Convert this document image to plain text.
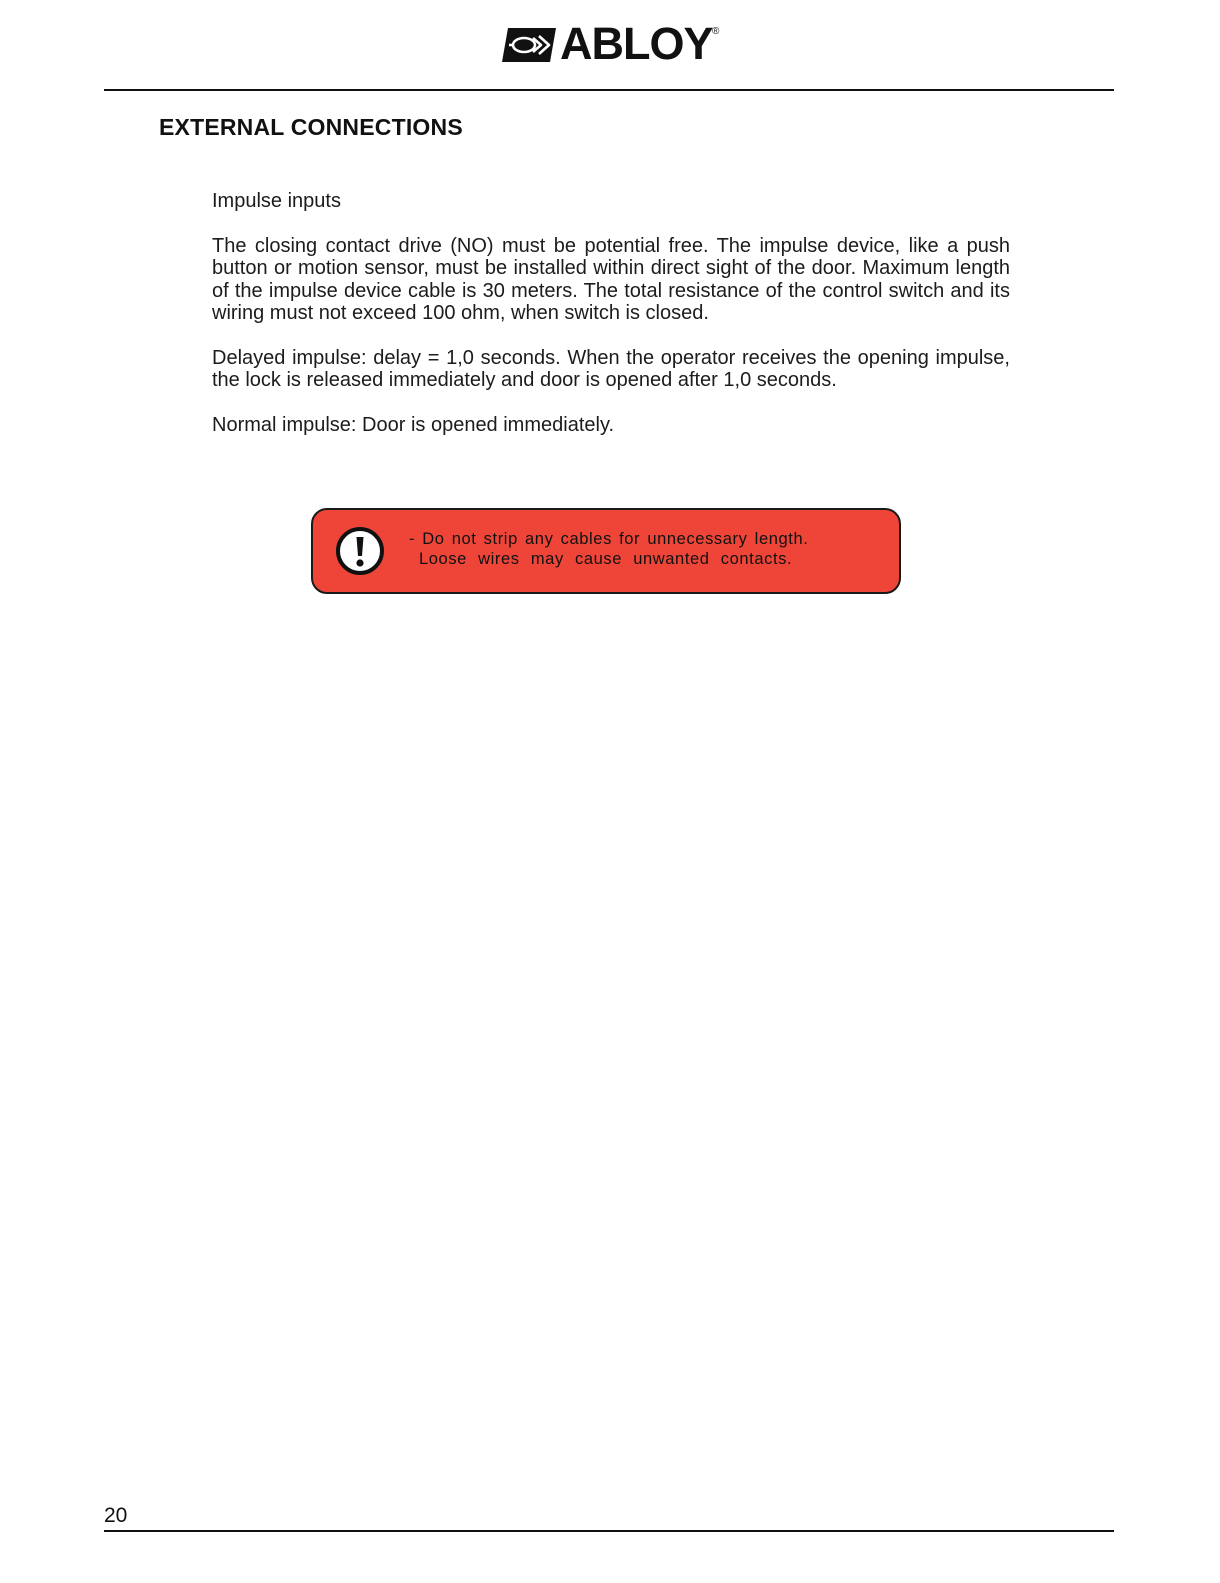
ABLOY ®
EXTERNAL CONNECTIONS

Impulse inputs

The closing contact drive (NO) must be potential free. The impulse device, like a push button or motion sensor, must be installed within direct sight of the door. Maximum length of the impulse device cable is 30 meters. The total resistance of the control switch and its wiring must not exceed 100 ohm, when switch is closed.

Delayed impulse: delay = 1,0 seconds. When the operator receives the opening impulse, the lock is released immediately and door is opened after 1,0 seconds.

Normal impulse: Door is opened immediately.

- Do not strip any cables for unnecessary length.
Loose wires may cause unwanted contacts.
20
